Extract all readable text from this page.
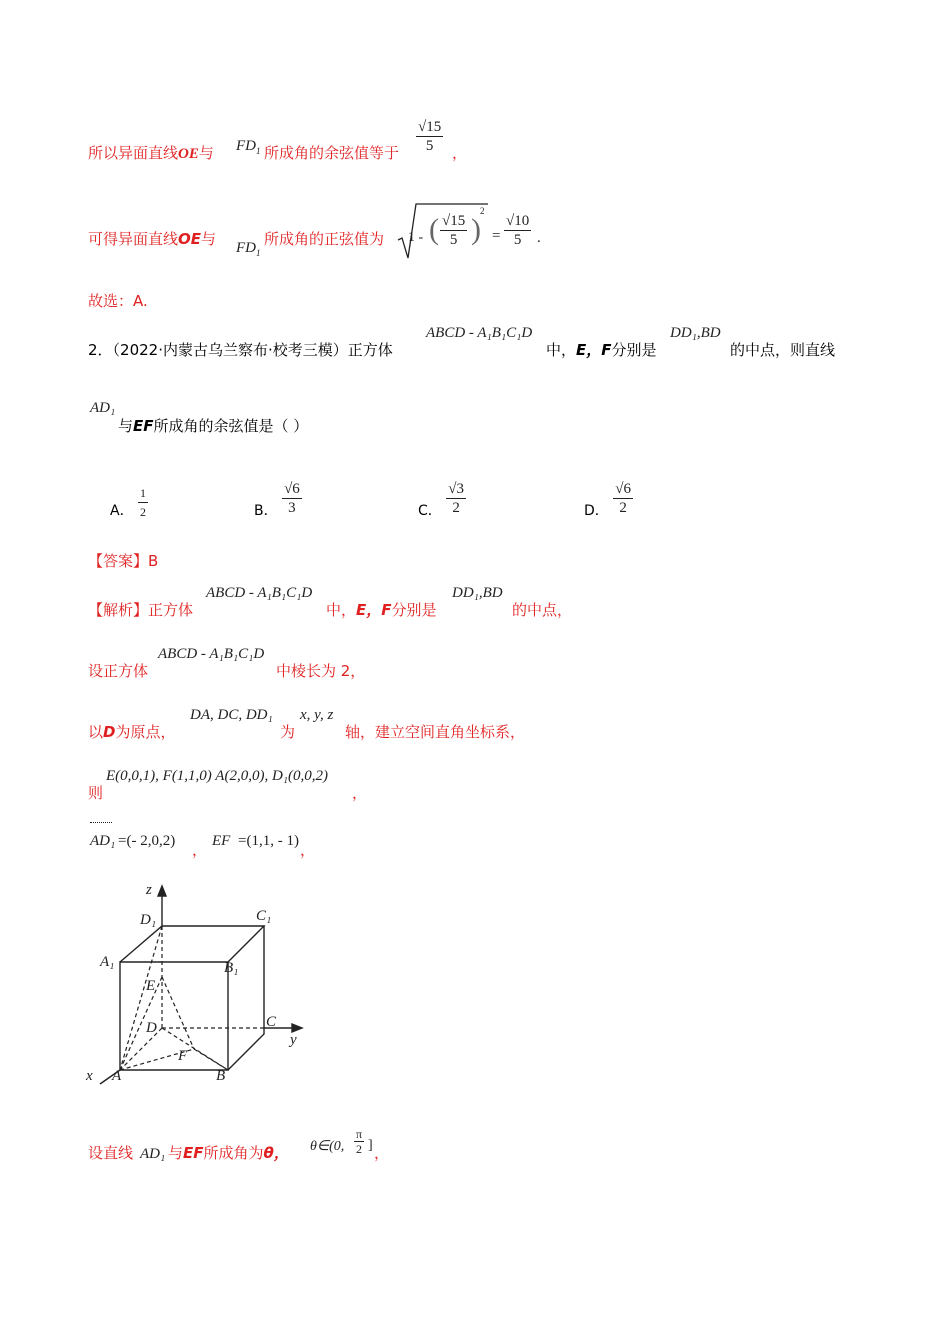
所以异面直线OE与 $FD_1$ 所成角的余弦值等于 $\frac{√15}{5}$ ，
可得异面直线OE与 $FD_1$
所成角的正弦值为 1 - ( $\frac{√15}{5}$ )
2
= $\frac{√10}{5}$ .
故选：A.
2．（2022·内蒙古乌兰察布·校考三模）正方体
ABCD - A₁B₁C₁D
中，E，F分别是
DD₁,BD
的中点，则直线
AD₁
与EF所成角的余弦值是（ ）
A． $\frac{1}{2}$	B． $\frac{√6}{3}$	C． $\frac{√3}{2}$	D． $\frac{√6}{2}$
【答案】B
【解析】正方体
ABCD - A₁B₁C₁D
中，E，F分别是
DD₁,BD
的中点，
设正方体
ABCD - A₁B₁C₁D
中棱长为 2，
以D为原点，
DA, DC, DD₁
为
x, y, z
轴，建立空间直角坐标系，
则
E(0,0,1), F(1,1,0) A(2,0,0), D₁(0,0,2)
，
AD₁ =(- 2,0,2) ， EF =(1,1, - 1) ，
z
D₁	C₁
A₁	B₁
E
D	C
y
F
x A	B
设直线 AD₁ 与EF所成角为θ， θ∈(0, $\frac{\pi}{2}$ ] ，
